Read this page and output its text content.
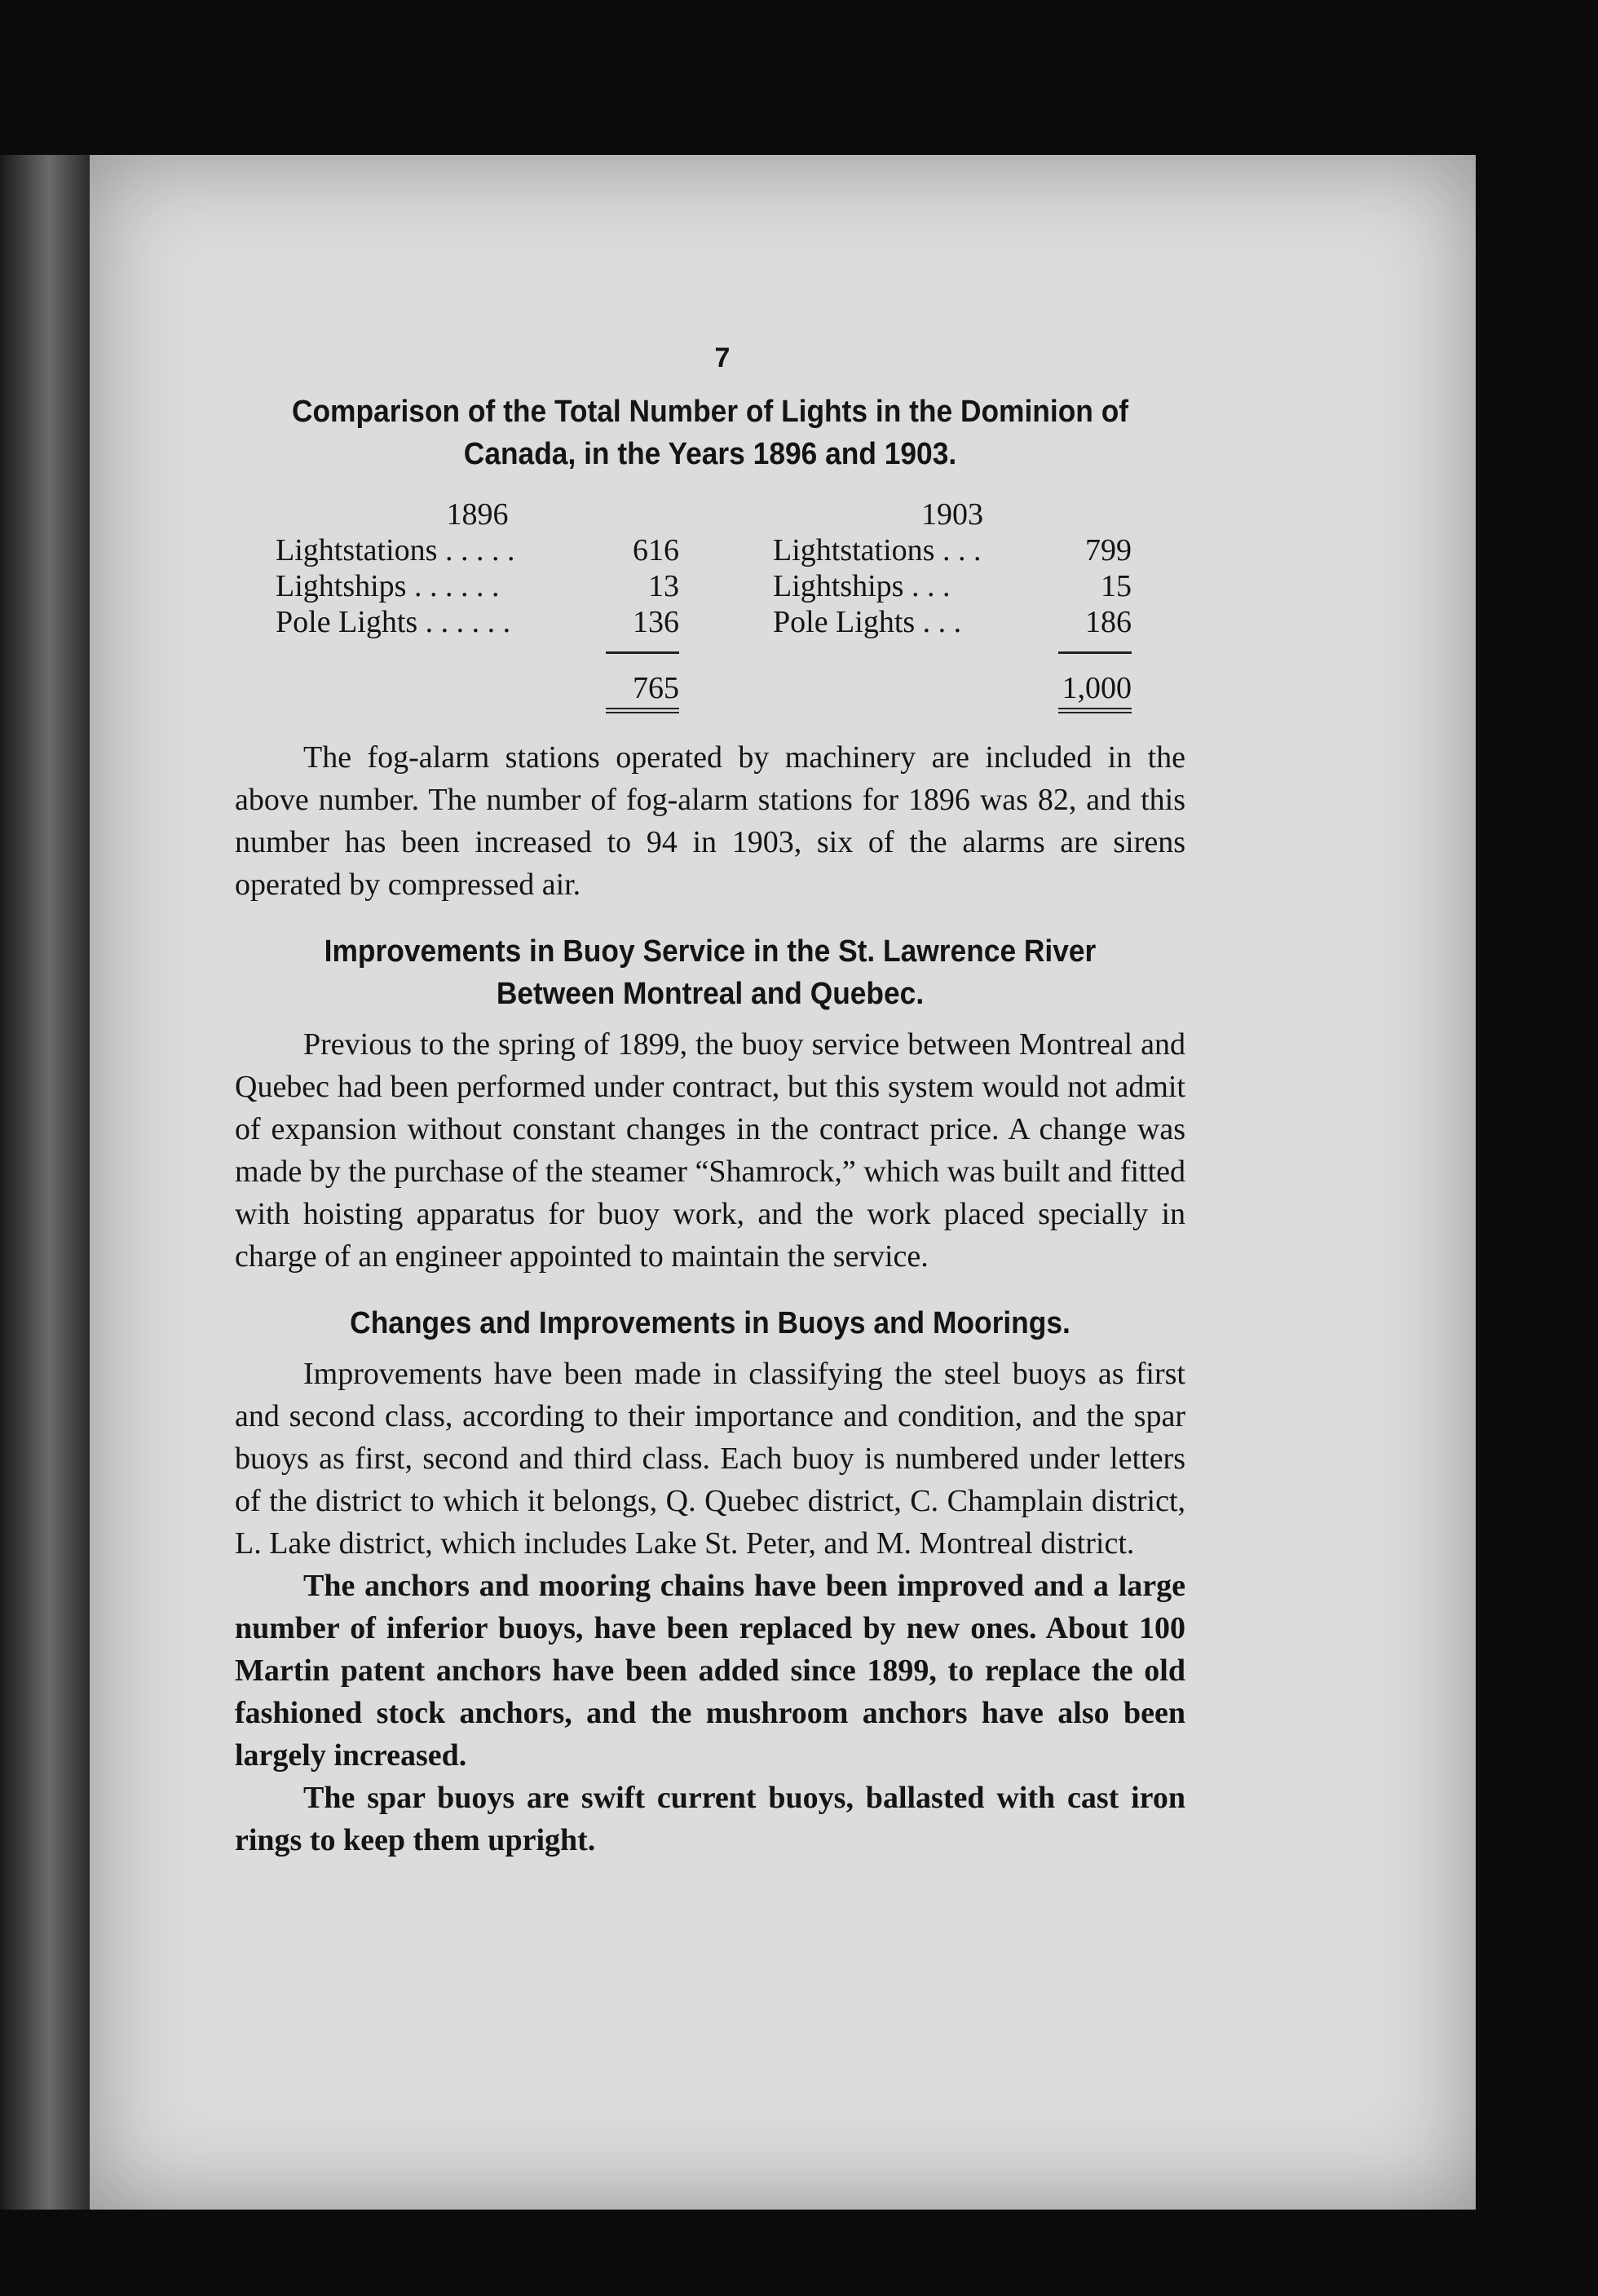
7
Comparison of the Total Number of Lights in the Dominion of Canada, in the Years 1896 and 1903.
1896
Lightstations . . . . .	616
Lightships . . . . . .	13
Pole Lights . . . . . .	136
765
1903
Lightstations . . .	799
Lightships . . .	15
Pole Lights . . .	186
1,000

The fog-alarm stations operated by machinery are included in the above number. The number of fog-alarm stations for 1896 was 82, and this number has been increased to 94 in 1903, six of the alarms are sirens operated by compressed air.

Improvements in Buoy Service in the St. Lawrence River Between Montreal and Quebec.

Previous to the spring of 1899, the buoy service between Montreal and Quebec had been performed under contract, but this system would not admit of expansion without constant changes in the contract price. A change was made by the purchase of the steamer “Shamrock,” which was built and fitted with hoisting apparatus for buoy work, and the work placed specially in charge of an engineer appointed to maintain the service.

Changes and Improvements in Buoys and Moorings.

Improvements have been made in classifying the steel buoys as first and second class, according to their importance and condition, and the spar buoys as first, second and third class. Each buoy is numbered under letters of the district to which it belongs, Q. Quebec district, C. Champlain district, L. Lake district, which includes Lake St. Peter, and M. Montreal district.

The anchors and mooring chains have been improved and a large number of inferior buoys, have been replaced by new ones. About 100 Martin patent anchors have been added since 1899, to replace the old fashioned stock anchors, and the mushroom anchors have also been largely increased.

The spar buoys are swift current buoys, ballasted with cast iron rings to keep them upright.
